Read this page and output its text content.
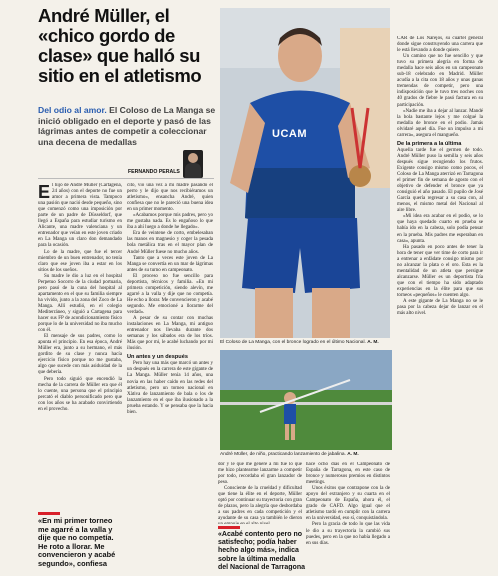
André Müller, el «chico gordo de clase» que halló su sitio en el atletismo
Del odio al amor. El Coloso de La Manga se inició obligado en el deporte y pasó de las lágrimas antes de competir a coleccionar una decena de medallas
FERNANDO PERALS
UCAM
El Coloso de La Manga, con el bronce logrado en el último Nacional. A. M.

El hijo de André Müller (Cartagena, 24 años) con el deporte no fue un amor a primera vista. Tampoco una pasión que nació desde pequeño, sino que comenzó como una imposición por parte de un padre de Düsseldorf, que llegó a España para estudiar turismo en Alicante, una madre valenciana y un entrenador que veían en este joven criado en La Manga un claro don demandado para la ocasión.

Lo de la madre, que fue el tercer miembro de un buen entrenador, no tenía claro que ese joven iba a estar en los sitios de los sueños.

Su madre le dio a luz en el hospital Perpetuo Socorro de la ciudad portuaria, pero pasó de la cuna del hospital al apartamento en el que su familia siempre ha vivido, junto a la zona del Zoco de La Manga. Allí estudió, en el colegio Mediterráneo, y siguió a Cartagena para hacer sus FP de acondicionamiento físico porque lo de la universidad no iba mucho con él.

El mensaje de sus padres, como lo apunta el principio. En esa época, André Müller era, junto a su hermano, el más gordito de su clase y nunca hacía ejercicio físico porque no me gustaba, algo que sucede con más asiduidad de la que debería.

Pero todo siguió que encendió la mecha de la carrera de Müller era que él lo cuente, una persona que el principio percató el diablo personificado pero que con los años se ha acabado convirtiendo en el provecho.

«En mi primer torneo me agarré a la valla y dije que no competía. He roto a llorar. Me convencieron y acabé segundo», confiesa

cito, vio una vez a mi madre pasando el perro y le dijo que nos recibiéramos un atletismo», ensancha André, quien confiesa que no le pareció una buena idea en un primer momento.

«Acabamos porque mis padres, pero yo me gustaba nada. Es lo engañoso lo que iba a ahí luego a donde he llegado».

Era de veintene de corto, embelesaban las manos en magnesio y coger la pesada bola metálica tras en el mayor plan de André Müller fuese no mucho años.

Tanto que a veces este joven de La Manga se convertía en un mar de lágrimas antes de su turno en campeonato.

El proceso no fue sencillo para deportista, técnicos y familia. «En mi primera competición, siendo alevín, me agarré a la valla y dije que no competía. He echo a llorar. Me convencieron y acabé segundo. Me emocioné a llorarme del verdad».

A pesar de su contar con muchas instalaciones en La Manga, mi antiguo entrenador nos llevaba durante dos semanas y los sábados era de los tríos. Más que por mi, le acabé luchando por mi ilusión.

Un antes y un después

Pero hay una más que marcó un antes y un después en la carrera de este gigante de La Manga. Müller tenía 14 años, una novia en las haber caído en las redes del atletismo, pero un torneo nacional en Xàtiva de lanzamiento de bala o los de lanzamiento en el que iba ilusionado a la prueba estando. Y se pensaba que la hacia bien.

André Müller, de niño, practicando lanzamiento de jabalina. A. M.

dor y le que me generé a mí fue lo que me hizo plantearme lanzarme a competir por todo, recordaba el gran lanzador de peso.

Consciente de la crueldad y dificultad que tiene la élite en el deporte, Müller optó por continuar su trayectoria con gran de plazos, pero la alegría que desbordaba a sus padres en cada competición y el ayudante de su casa ya también le dieron

«Acabé contento pero no satisfecho; podía haber hecho algo más», indica sobre la última medalla del Nacional de Tarragona

hace ocho días en el Campeonato de España de Tarragona, en este caso de bronce y numerosos premios en distintos meetings.

Unos éxitos que contrapone con la de apoyo del extranjero y su cuarta en el Campeonato de España, ahora él, el grado de CAFD. Algo igual que el atletismo tardó en cumplir con la carrera en la universidad, eso sí, conquistándola.

Pero la gracia de todo lo que las vida le dio a su trayectoria la cambió sus puedes, pero en la que no había llegado a en sus días.

CAR de Los Narejos, su cuartel general donde sigue construyendo una carrera que le está llevando a donde quiere.

Un camino que no fue sencillo y que tuvo su primera alegría en forma de medalla hace seis años en un campeonato sub-18 celebrado en Madrid. Müller acudía a la cita con 18 años y unas ganas tremendas de competir, pero una indisposición que le tuvo tres noches con 40 grados de fiebre le pasó factura en su participación.

«Nadie me iba a dejar al lanzar. Mandé la bola bastante lejos y me colgué la medalla de bronce en el podio. Jamás olvidaré aquel día. Fue un impulso a mi carrera», asegura el mangueño.

De la primera a la última

Aquella tarde fue el germen de todo. André Müller puso la semilla y seis años después sigue recogiendo los frutos. Exigente consigo mismo como pocos, el Coloso de La Manga aterrizó en Tarragona el primer fin de semana de agosto con el objetivo de defender el bronce que ya consiguió el año pasado. El pupilo de José García quería regresar a su casa con, al menos, el mismo metal del Nacional al aire libre.

«Mi idea era acabar en el podio, se lo que haya quedado cuarto en prueba se había ido en la cabeza, solo podía pensar en la prueba. Mis padres me esperaban en casa», apunta.

Ha pasado en poco antes de tener la hora de tener que ver time de corto para ir a entrenar a enfádate consigo mismo por no alcanzar la plata o el oro. Esta es la mentalidad de un atleta que persigue alcanzarse. Müller es un deportista fría que con el tiempo ha sido adaptado experiencias en la élite para que sus torneos «pequeños» le cuenten algo.

A este gigante de La Manga no se le pasa por la cabeza dejar de lanzar en el más alto nivel.
